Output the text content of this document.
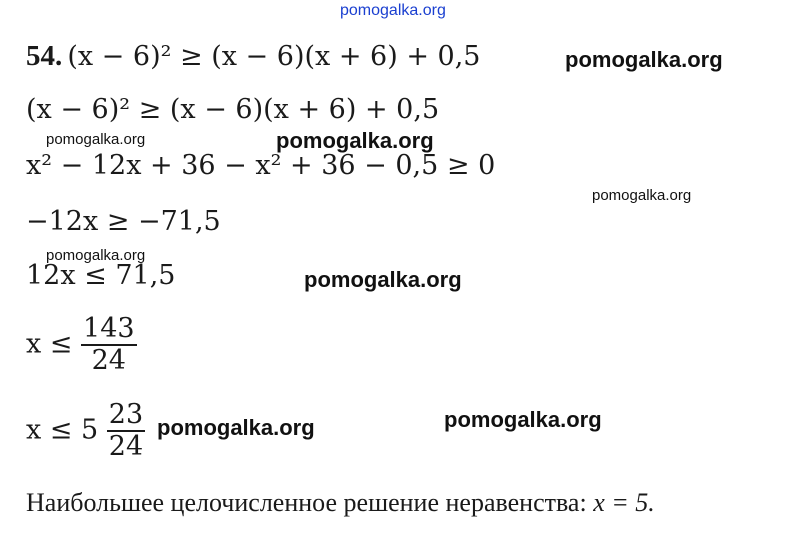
pomogalka.org
54. (x − 6)² ≥ (x − 6)(x + 6) + 0,5	pomogalka.org
(x − 6)² ≥ (x − 6)(x + 6) + 0,5
pomogalka.org	pomogalka.org
x² − 12x + 36 − x² + 36 − 0,5 ≥ 0
pomogalka.org
−12x ≥ −71,5
pomogalka.org
12x ≤ 71,5	pomogalka.org
$x \le \frac{143}{24}$
$x \le 5 \frac{23}{24}$ pomogalka.org	pomogalka.org
Наибольшее целочисленное решение неравенства: x = 5.
